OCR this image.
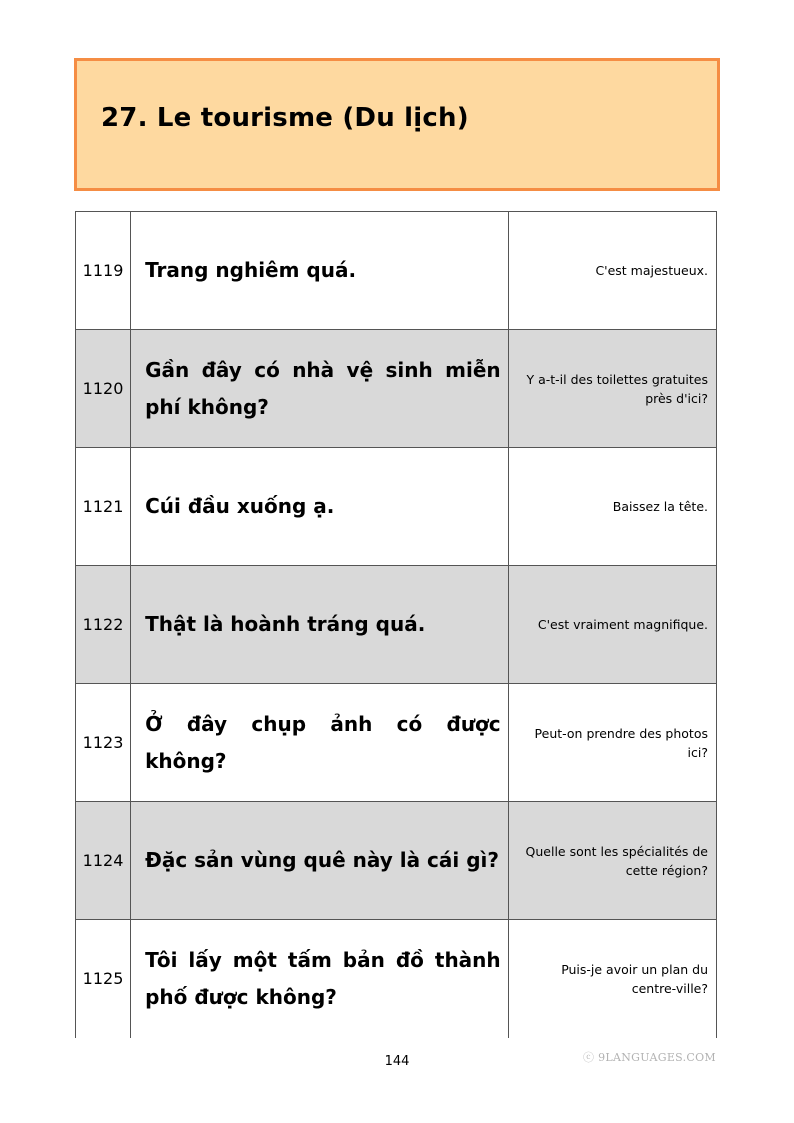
27. Le tourisme (Du lịch)
1119	Trang nghiêm quá.	C'est majestueux.
1120	Gần đây có nhà vệ sinh miễn phí không?	Y a-t-il des toilettes gratuites près d'ici?
1121	Cúi đầu xuống ạ.	Baissez la tête.
1122	Thật là hoành tráng quá.	C'est vraiment magnifique.
1123	Ở đây chụp ảnh có được không?	Peut-on prendre des photos ici?
1124	Đặc sản vùng quê này là cái gì?	Quelle sont les spécialités de cette région?
1125	Tôi lấy một tấm bản đồ thành phố được không?	Puis-je avoir un plan du centre-ville?
144	ⓒ 9LANGUAGES.COM
